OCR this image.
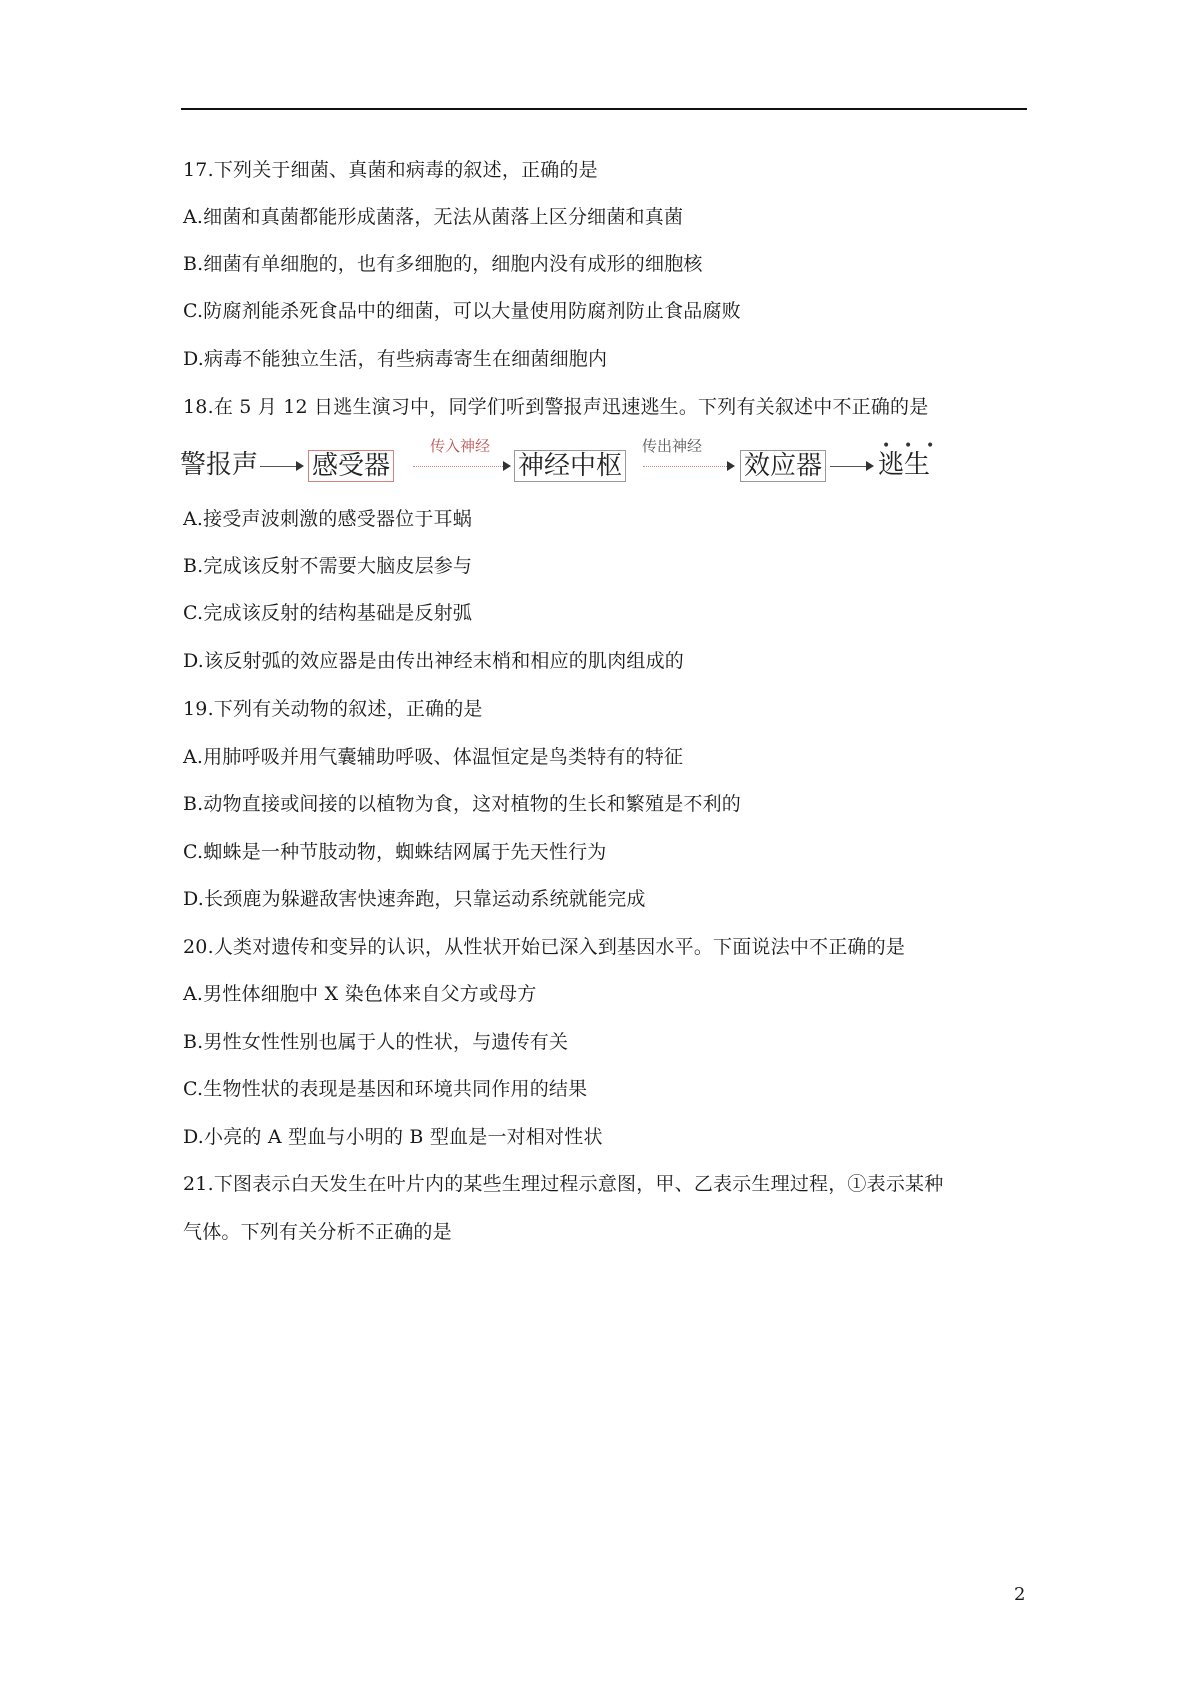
17.下列关于细菌、真菌和病毒的叙述，正确的是
A.细菌和真菌都能形成菌落，无法从菌落上区分细菌和真菌
B.细菌有单细胞的，也有多细胞的，细胞内没有成形的细胞核
C.防腐剂能杀死食品中的细菌，可以大量使用防腐剂防止食品腐败
D.病毒不能独立生活，有些病毒寄生在细菌细胞内
18.在 5 月 12 日逃生演习中，同学们听到警报声迅速逃生。下列有关叙述中不正确的是
警报声 感受器
传入神经
神经中枢
传出神经
效应器
• • •
逃生
A.接受声波刺激的感受器位于耳蜗
B.完成该反射不需要大脑皮层参与
C.完成该反射的结构基础是反射弧
D.该反射弧的效应器是由传出神经末梢和相应的肌肉组成的
19.下列有关动物的叙述，正确的是
A.用肺呼吸并用气囊辅助呼吸、体温恒定是鸟类特有的特征
B.动物直接或间接的以植物为食，这对植物的生长和繁殖是不利的
C.蜘蛛是一种节肢动物，蜘蛛结网属于先天性行为
D.长颈鹿为躲避敌害快速奔跑，只靠运动系统就能完成
20.人类对遗传和变异的认识，从性状开始已深入到基因水平。下面说法中不正确的是
A.男性体细胞中 X 染色体来自父方或母方
B.男性女性性别也属于人的性状，与遗传有关
C.生物性状的表现是基因和环境共同作用的结果
D.小亮的 A 型血与小明的 B 型血是一对相对性状
21.下图表示白天发生在叶片内的某些生理过程示意图，甲、乙表示生理过程，①表示某种
气体。下列有关分析不正确的是
2
